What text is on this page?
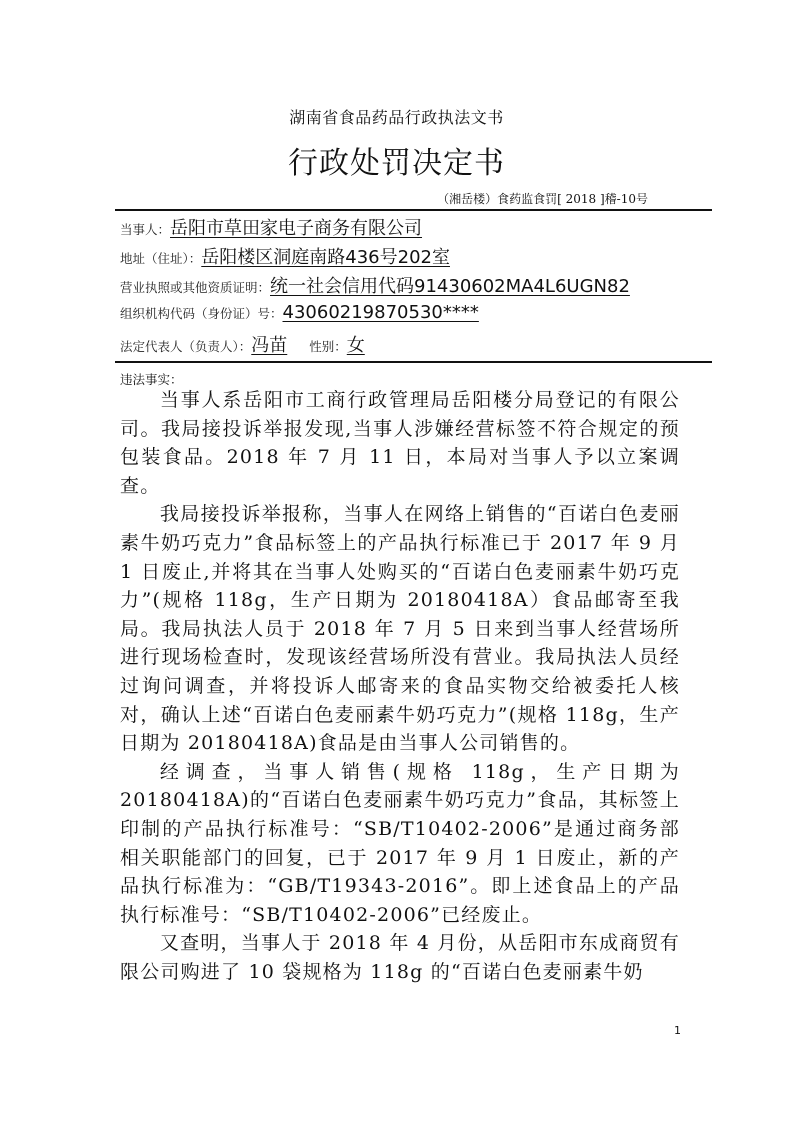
湖南省食品药品行政执法文书
行政处罚决定书
（湘岳楼）食药监食罚[ 2018 ]稽-10号
当事人： 岳阳市草田家电子商务有限公司
地址（住址）： 岳阳楼区洞庭南路436号202室
营业执照或其他资质证明： 统一社会信用代码91430602MA4L6UGN82
组织机构代码（身份证）号： 43060219870530****
法定代表人（负责人）： 冯苗	性别： 女
违法事实：

当事人系岳阳市工商行政管理局岳阳楼分局登记的有限公司。我局接投诉举报发现,当事人涉嫌经营标签不符合规定的预包装食品。2018 年 7 月 11 日，本局对当事人予以立案调查。

我局接投诉举报称，当事人在网络上销售的“百诺白色麦丽素牛奶巧克力”食品标签上的产品执行标准已于 2017 年 9 月 1 日废止,并将其在当事人处购买的“百诺白色麦丽素牛奶巧克力”(规格 118g，生产日期为 20180418A）食品邮寄至我局。我局执法人员于 2018 年 7 月 5 日来到当事人经营场所进行现场检查时，发现该经营场所没有营业。我局执法人员经过询问调查，并将投诉人邮寄来的食品实物交给被委托人核对，确认上述“百诺白色麦丽素牛奶巧克力”(规格 118g，生产日期为 20180418A)食品是由当事人公司销售的。

经调查，当事人销售(规格 118g，生产日期为 20180418A)的“百诺白色麦丽素牛奶巧克力”食品，其标签上印制的产品执行标准号：“SB/T10402-2006”是通过商务部相关职能部门的回复，已于 2017 年 9 月 1 日废止，新的产品执行标准为：“GB/T19343-2016”。即上述食品上的产品执行标准号：“SB/T10402-2006”已经废止。

又查明，当事人于 2018 年 4 月份，从岳阳市东成商贸有限公司购进了 10 袋规格为 118g 的“百诺白色麦丽素牛奶

1
